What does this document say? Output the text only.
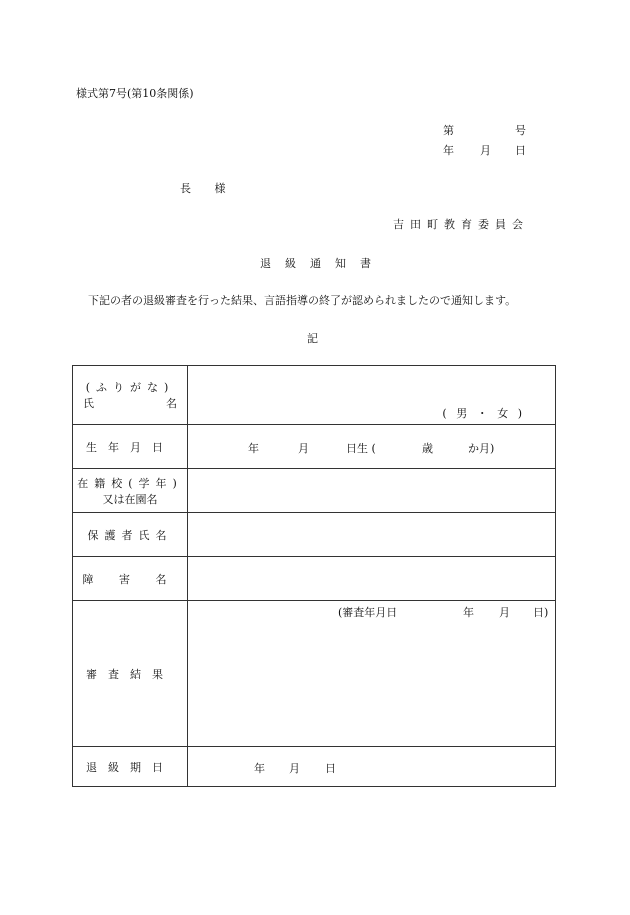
様式第7号(第10条関係)
第	号
年 月 日
長 様
吉田町教育委員会
退級通知書
下記の者の退級審査を行った結果、言語指導の終了が認められましたので通知します。
記
(ふりがな)
氏 名	( 男 ・ 女 )

生年月日	年 月 日生 ( 歳 か月)

在籍校(学年)
又は在園名	

保護者氏名	
障 害 名	
審査結果	(審査年月日 年 月 日)

退級期日	年 月 日
